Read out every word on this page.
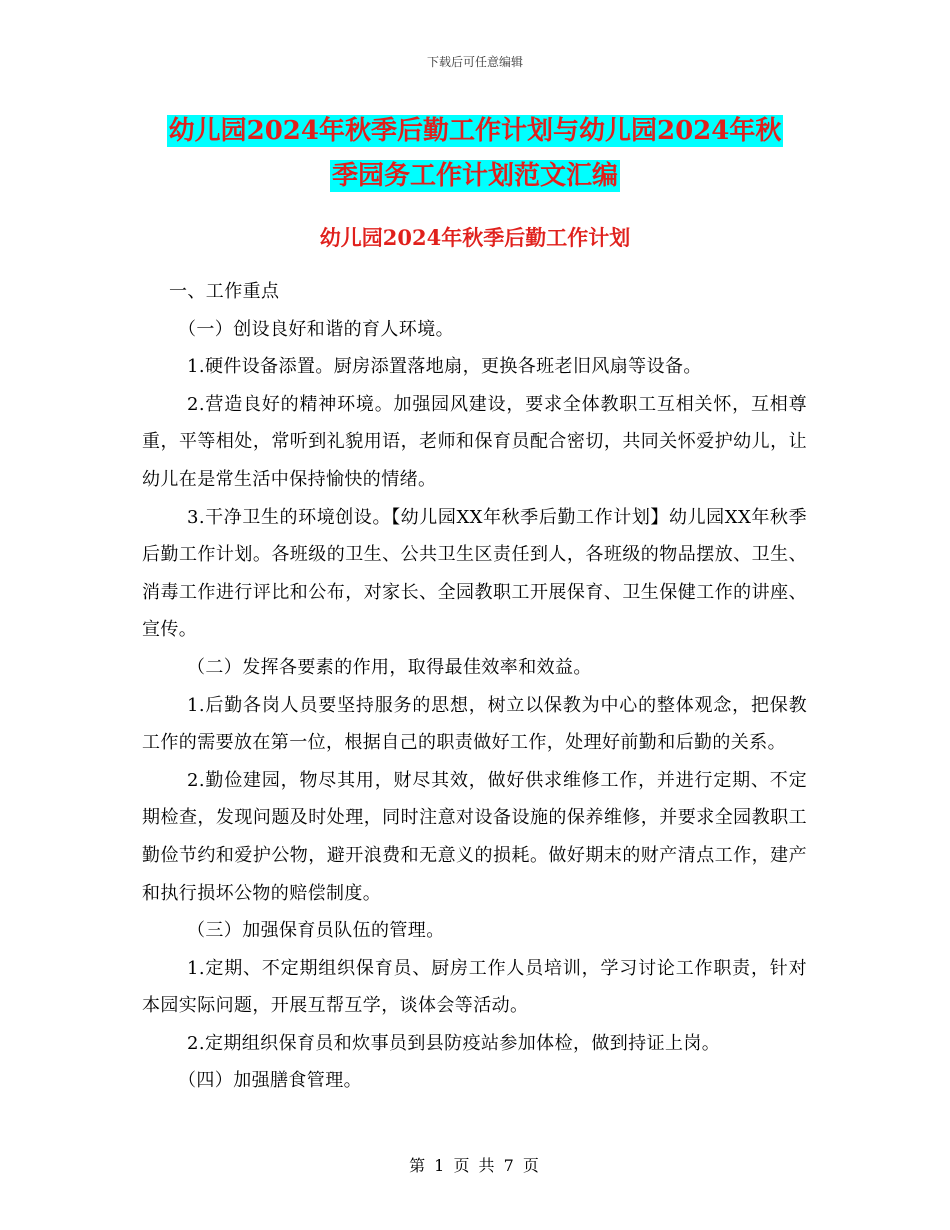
下载后可任意编辑
幼儿园2024年秋季后勤工作计划与幼儿园2024年秋
季园务工作计划范文汇编
幼儿园2024年秋季后勤工作计划

一、工作重点

（一）创设良好和谐的育人环境。

1.硬件设备添置。厨房添置落地扇，更换各班老旧风扇等设备。

2.营造良好的精神环境。加强园风建设，要求全体教职工互相关怀，互相尊重，平等相处，常听到礼貌用语，老师和保育员配合密切，共同关怀爱护幼儿，让幼儿在是常生活中保持愉快的情绪。

3.干净卫生的环境创设。【幼儿园XX年秋季后勤工作计划】幼儿园XX年秋季后勤工作计划。各班级的卫生、公共卫生区责任到人，各班级的物品摆放、卫生、消毒工作进行评比和公布，对家长、全园教职工开展保育、卫生保健工作的讲座、宣传。

（二）发挥各要素的作用，取得最佳效率和效益。

1.后勤各岗人员要坚持服务的思想，树立以保教为中心的整体观念，把保教工作的需要放在第一位，根据自己的职责做好工作，处理好前勤和后勤的关系。

2.勤俭建园，物尽其用，财尽其效，做好供求维修工作，并进行定期、不定期检查，发现问题及时处理，同时注意对设备设施的保养维修，并要求全园教职工勤俭节约和爱护公物，避开浪费和无意义的损耗。做好期末的财产清点工作，建产和执行损坏公物的赔偿制度。

（三）加强保育员队伍的管理。

1.定期、不定期组织保育员、厨房工作人员培训，学习讨论工作职责，针对本园实际问题，开展互帮互学，谈体会等活动。

2.定期组织保育员和炊事员到县防疫站参加体检，做到持证上岗。

（四）加强膳食管理。

第 1 页 共 7 页
